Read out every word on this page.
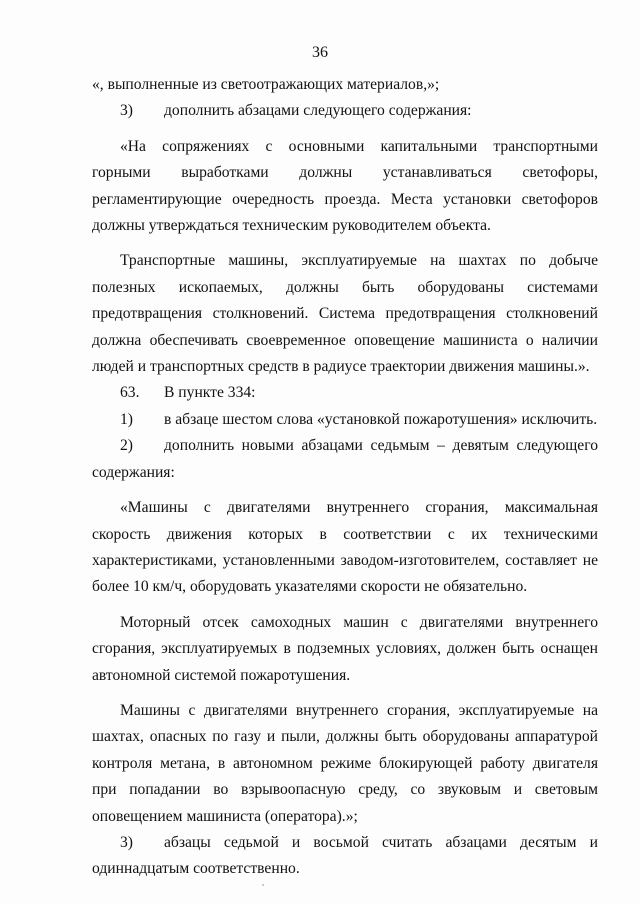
36

«, выполненные из светоотражающих материалов,»;

3)	дополнить абзацами следующего содержания:

«На сопряжениях с основными капитальными транспортными горными выработками должны устанавливаться светофоры, регламентирующие очередность проезда. Места установки светофоров должны утверждаться техническим руководителем объекта.

Транспортные машины, эксплуатируемые на шахтах по добыче полезных ископаемых, должны быть оборудованы системами предотвращения столкновений. Система предотвращения столкновений должна обеспечивать своевременное оповещение машиниста о наличии людей и транспортных средств в радиусе траектории движения машины.».

63.	В пункте 334:
1)	в абзаце шестом слова «установкой пожаротушения» исключить.

2) дополнить новыми абзацами седьмым – девятым следующего содержания:

«Машины с двигателями внутреннего сгорания, максимальная скорость движения которых в соответствии с их техническими характеристиками, установленными заводом-изготовителем, составляет не более 10 км/ч, оборудовать указателями скорости не обязательно.

Моторный отсек самоходных машин с двигателями внутреннего сгорания, эксплуатируемых в подземных условиях, должен быть оснащен автономной системой пожаротушения.

Машины с двигателями внутреннего сгорания, эксплуатируемые на шахтах, опасных по газу и пыли, должны быть оборудованы аппаратурой контроля метана, в автономном режиме блокирующей работу двигателя при попадании во взрывоопасную среду, со звуковым и световым оповещением машиниста (оператора).»;

3) абзацы седьмой и восьмой считать абзацами десятым и одиннадцатым соответственно.
